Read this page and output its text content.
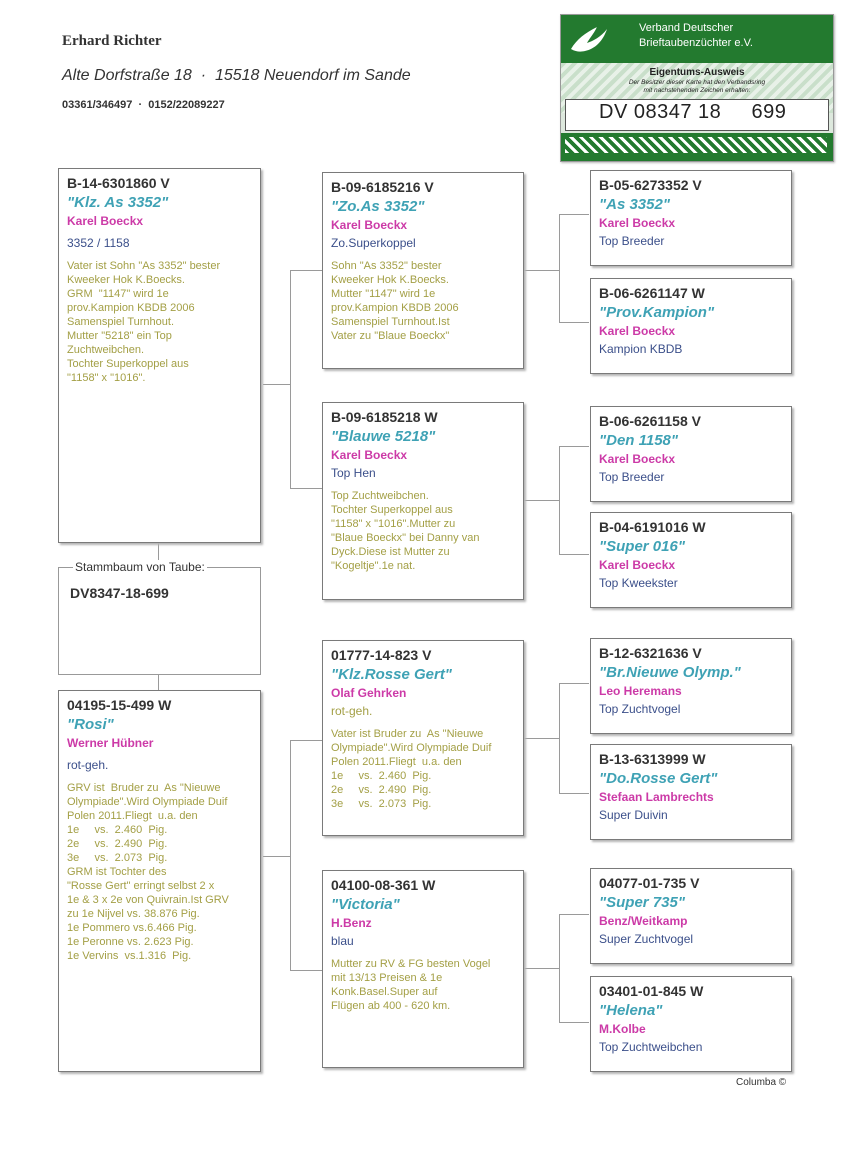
Erhard Richter
Alte Dorfstraße 18  ·  15518 Neuendorf im Sande
03361/346497  ·  0152/22089227
Verband Deutscher
Brieftaubenzüchter e.V.
Eigentums-Ausweis
Der Besitzer dieser Karte hat den Verbandsring
mit nachstehenden Zeichen erhalten:
DV 08347 18     699
B-14-6301860 V
"Klz. As 3352"
Karel Boeckx
3352 / 1158
Vater ist Sohn "As 3352" bester
Kweeker Hok K.Boecks.
GRM  "1147" wird 1e
prov.Kampion KBDB 2006
Samenspiel Turnhout.
Mutter "5218" ein Top
Zuchtweibchen.
Tochter Superkoppel aus
"1158" x "1016".
Stammbaum von Taube:
DV8347-18-699
04195-15-499 W
"Rosi"
Werner Hübner
rot-geh.
GRV ist  Bruder zu  As "Nieuwe
Olympiade".Wird Olympiade Duif
Polen 2011.Fliegt  u.a. den
1e     vs.  2.460  Pig.
2e     vs.  2.490  Pig.
3e     vs.  2.073  Pig.
GRM ist Tochter des
"Rosse Gert" erringt selbst 2 x
1e & 3 x 2e von Quivrain.Ist GRV
zu 1e Nijvel vs. 38.876 Pig.
1e Pommero vs.6.466 Pig.
1e Peronne vs. 2.623 Pig.
1e Vervins  vs.1.316  Pig.
B-09-6185216 V
"Zo.As 3352"
Karel Boeckx
Zo.Superkoppel
Sohn "As 3352" bester
Kweeker Hok K.Boecks.
Mutter "1147" wird 1e
prov.Kampion KBDB 2006
Samenspiel Turnhout.Ist
Vater zu "Blaue Boeckx"
B-09-6185218 W
"Blauwe 5218"
Karel Boeckx
Top Hen
Top Zuchtweibchen.
Tochter Superkoppel aus
"1158" x "1016".Mutter zu
"Blaue Boeckx" bei Danny van
Dyck.Diese ist Mutter zu
"Kogeltje".1e nat.
01777-14-823 V
"Klz.Rosse Gert"
Olaf Gehrken
rot-geh.
Vater ist Bruder zu  As "Nieuwe
Olympiade".Wird Olympiade Duif
Polen 2011.Fliegt  u.a. den
1e     vs.  2.460  Pig.
2e     vs.  2.490  Pig.
3e     vs.  2.073  Pig.
04100-08-361 W
"Victoria"
H.Benz
blau
Mutter zu RV & FG besten Vogel
mit 13/13 Preisen & 1e
Konk.Basel.Super auf
Flügen ab 400 - 620 km.
B-05-6273352 V
"As 3352"
Karel Boeckx
Top Breeder
B-06-6261147 W
"Prov.Kampion"
Karel Boeckx
Kampion KBDB
B-06-6261158 V
"Den 1158"
Karel Boeckx
Top Breeder
B-04-6191016 W
"Super 016"
Karel Boeckx
Top Kweekster
B-12-6321636 V
"Br.Nieuwe Olymp."
Leo Heremans
Top Zuchtvogel
B-13-6313999 W
"Do.Rosse Gert"
Stefaan Lambrechts
Super Duivin
04077-01-735 V
"Super 735"
Benz/Weitkamp
Super Zuchtvogel
03401-01-845 W
"Helena"
M.Kolbe
Top Zuchtweibchen
Columba ©
